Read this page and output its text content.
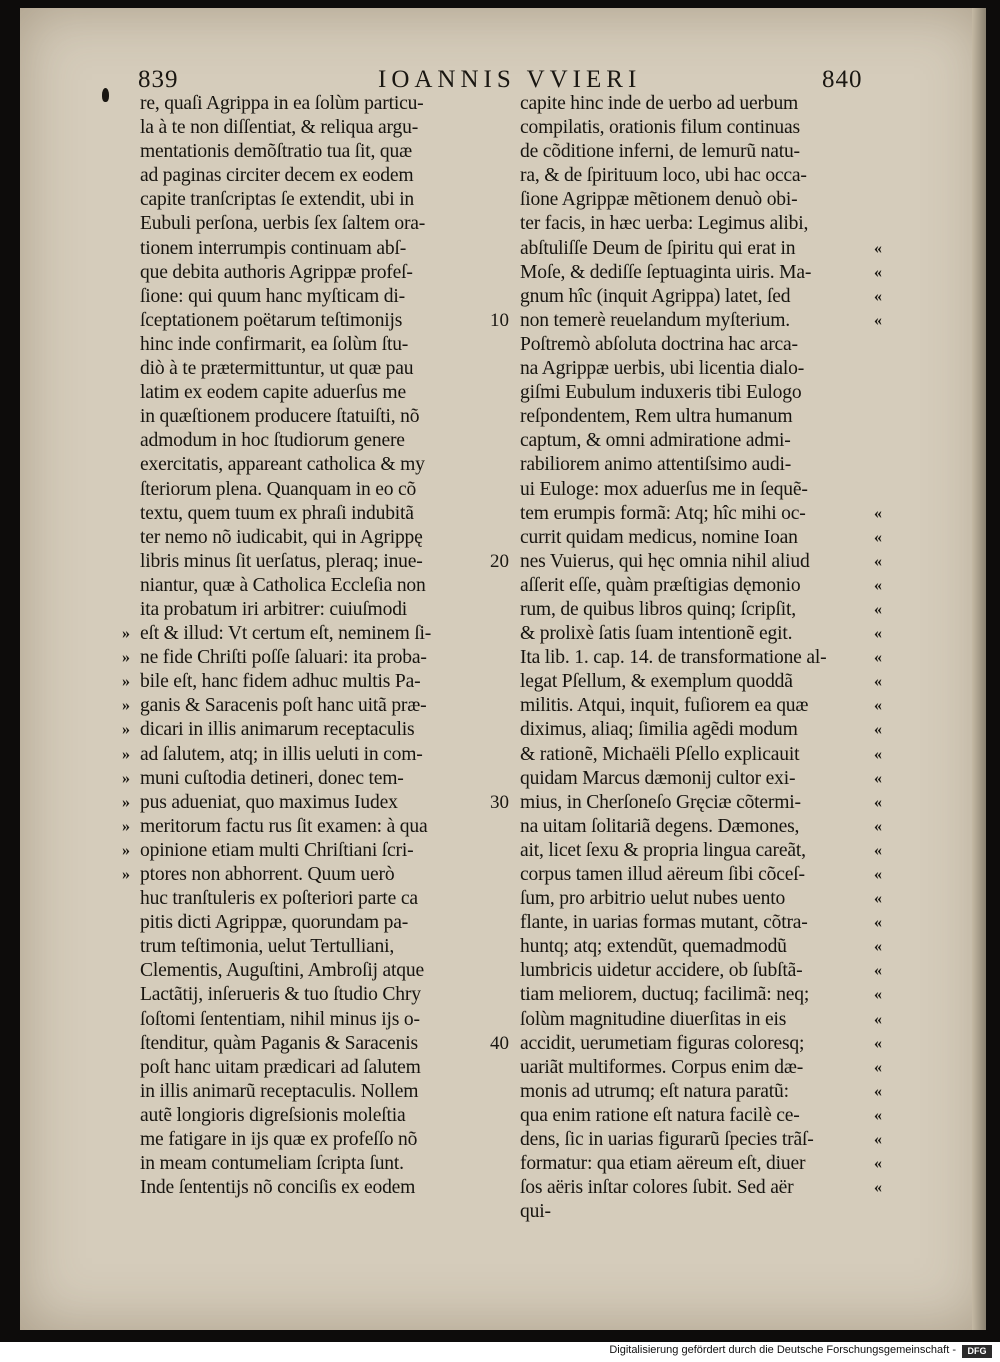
839	IOANNIS VVIERI	840
re, quaſi Agrippa in ea ſolùm particu-
la à te non diſſentiat, & reliqua argu-
mentationis demõſtratio tua ſit, quæ
ad paginas circiter decem ex eodem
capite tranſcriptas ſe extendit, ubi in
Eubuli perſona, uerbis ſex ſaltem ora-
tionem interrumpis continuam abſ-
que debita authoris Agrippæ profeſ-
ſione: qui quum hanc myſticam di-
ſceptationem poëtarum teſtimonijs
hinc inde confirmarit, ea ſolùm ſtu-
diò à te prætermittuntur, ut quæ pau
latim ex eodem capite aduerſus me
in quæſtionem producere ſtatuiſti, nõ
admodum in hoc ſtudiorum genere
exercitatis, appareant catholica & my
ſteriorum plena. Quanquam in eo cõ
textu, quem tuum ex phraſi indubitã
ter nemo nõ iudicabit, qui in Agrippę
libris minus ſit uerſatus, pleraq; inue-
niantur, quæ à Catholica Eccleſia non
ita probatum iri arbitrer: cuiuſmodi
eſt & illud: Vt certum eſt, neminem ſi-
ne fide Chriſti poſſe ſaluari: ita proba-
bile eſt, hanc fidem adhuc multis Pa-
ganis & Saracenis poſt hanc uitã præ-
dicari in illis animarum receptaculis
ad ſalutem, atq; in illis ueluti in com-
muni cuſtodia detineri, donec tem-
pus adueniat, quo maximus Iudex
meritorum factu rus ſit examen: à qua
opinione etiam multi Chriſtiani ſcri-
ptores non abhorrent. Quum uerò
huc tranſtuleris ex poſteriori parte ca
pitis dicti Agrippæ, quorundam pa-
trum teſtimonia, uelut Tertulliani,
Clementis, Auguſtini, Ambroſij atque
Lactãtij, inſerueris & tuo ſtudio Chry
ſoſtomi ſententiam, nihil minus ijs o-
ſtenditur, quàm Paganis & Saracenis
poſt hanc uitam prædicari ad ſalutem
in illis animarũ receptaculis. Nollem
autẽ longioris digreſsionis moleſtia
me fatigare in ijs quæ ex profeſſo nõ
in meam contumeliam ſcripta ſunt.
Inde ſententijs nõ conciſis ex eodem
capite hinc inde de uerbo ad uerbum
compilatis, orationis filum continuas
de cõditione inferni, de lemurũ natu-
ra, & de ſpirituum loco, ubi hac occa-
ſione Agrippæ mẽtionem denuò obi-
ter facis, in hæc uerba: Legimus alibi,
abſtuliſſe Deum de ſpiritu qui erat in
Moſe, & dediſſe ſeptuaginta uiris. Ma-
gnum hîc (inquit Agrippa) latet, ſed
non temerè reuelandum myſterium.
Poſtremò abſoluta doctrina hac arca-
na Agrippæ uerbis, ubi licentia dialo-
giſmi Eubulum induxeris tibi Eulogo
reſpondentem, Rem ultra humanum
captum, & omni admiratione admi-
rabiliorem animo attentiſsimo audi-
ui Euloge: mox aduerſus me in ſequẽ-
tem erumpis formã: Atq; hîc mihi oc-
currit quidam medicus, nomine Ioan
nes Vuierus, qui hęc omnia nihil aliud
aſſerit eſſe, quàm præſtigias dęmonio
rum, de quibus libros quinq; ſcripſit,
& prolixè ſatis ſuam intentionẽ egit.
Ita lib. 1. cap. 14. de transformatione al-
legat Pſellum, & exemplum quoddã
militis. Atqui, inquit, fuſiorem ea quæ
diximus, aliaq; ſimilia agẽdi modum
& rationẽ, Michaëli Pſello explicauit
quidam Marcus dæmonij cultor exi-
mius, in Cherſoneſo Gręciæ cõtermi-
na uitam ſolitariã degens. Dæmones,
ait, licet ſexu & propria lingua careãt,
corpus tamen illud aëreum ſibi cõceſ-
ſum, pro arbitrio uelut nubes uento
flante, in uarias formas mutant, cõtra-
huntq; atq; extendũt, quemadmodũ
lumbricis uidetur accidere, ob ſubſtã-
tiam meliorem, ductuq; facilimã: neq;
ſolùm magnitudine diuerſitas in eis
accidit, uerumetiam figuras coloresq;
uariãt multiformes. Corpus enim dæ-
monis ad utrumq; eſt natura paratũ:
qua enim ratione eſt natura facilè ce-
dens, ſic in uarias figurarũ ſpecies trãſ-
formatur: qua etiam aëreum eſt, diuer
ſos aëris inſtar colores ſubit. Sed aër
qui-
»
»
»
»
»
»
»
»
»
»
»
«
«
«
«
«
«
«
«
«
«
«
«
«
«
«
«
«
«
«
«
«
«
«
«
«
«
«
«
«
«
«
«
«
10
20
30
40
Digitalisierung gefördert durch die Deutsche Forschungsgemeinschaft -	DFG
